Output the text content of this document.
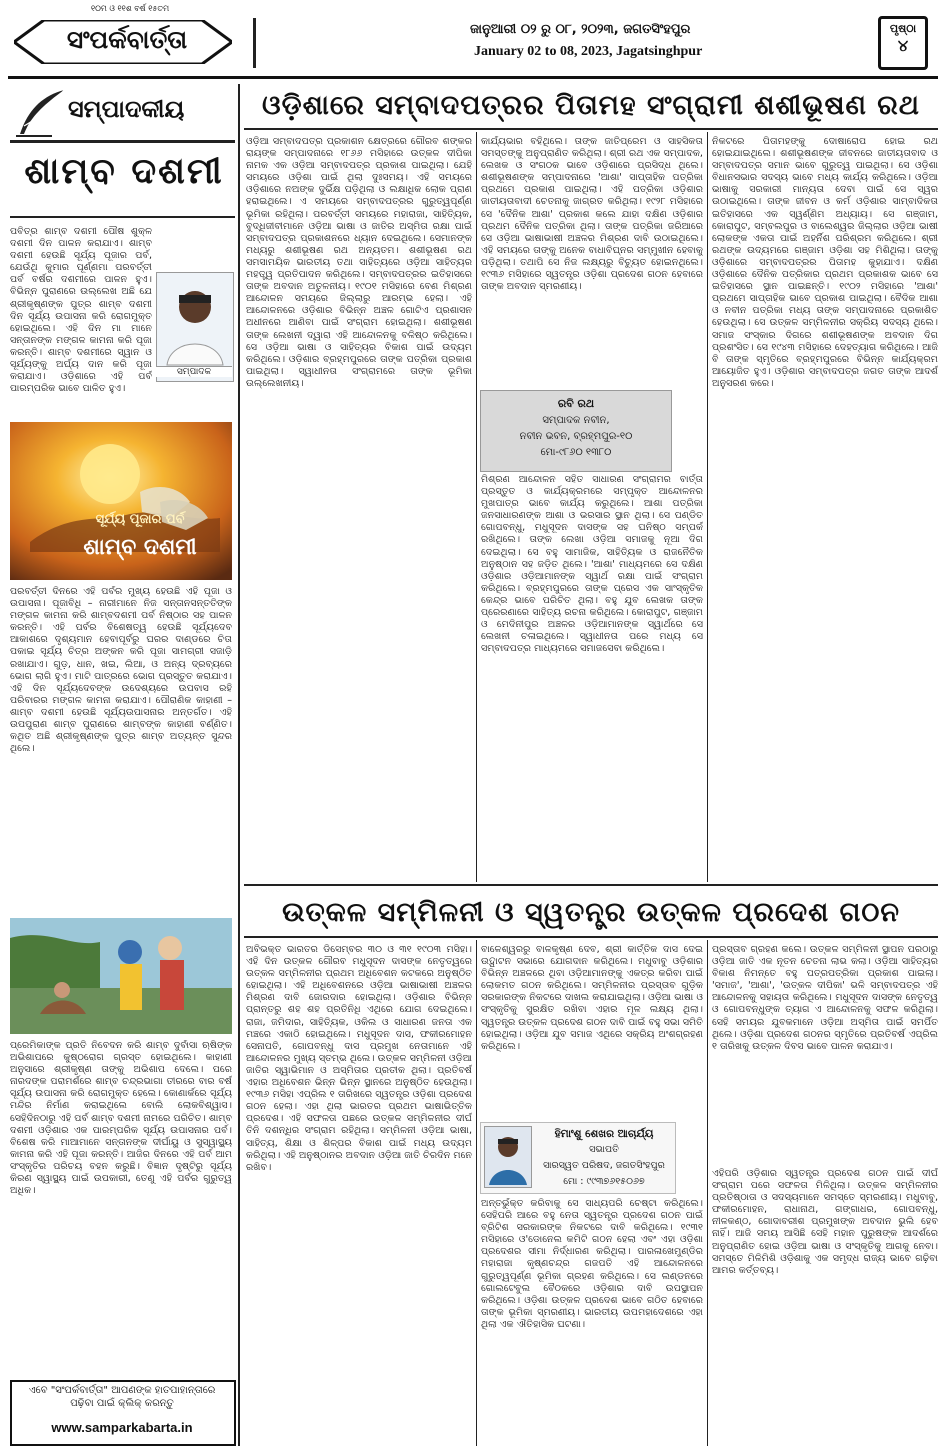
୧୦ମ ଓ ୧୧ଶ ବର୍ଷ ୧୫ତମ
ସଂପର୍କବାର୍ତ୍ତା	ଜାନୁଆରୀ ୦୨ ରୁ ୦୮, ୨୦୨୩, ଜଗତସିଂହପୁର
January 02 to 08, 2023, Jagatsinghpur
ପୃଷ୍ଠା
୪
ସମ୍ପାଦକୀୟ
ଶାମ୍ବ ଦଶମୀ
ପବିତ୍ର ଶାମ୍ବ ଦଶମୀ ପୌଷ ଶୁକ୍ଳ ଦଶମୀ ଦିନ ପାଳନ କରାଯାଏ। ଶାମ୍ବ ଦଶମୀ ହେଉଛି ସୂର୍ଯ୍ୟ ପୂଜାର ପର୍ବ, ଯେଉଁଥି କୁମାର ପୂର୍ଣ୍ଣମା ପରବର୍ତ୍ତୀ ପର୍ବ ବର୍ଷର ଦଶମୀରେ ପାଳନ ହୁଏ। ବିଭିନ୍ନ ପୁରାଣରେ ଉଲ୍ଲେଖ ଅଛି ଯେ ଶ୍ରୀକୃଷ୍ଣଙ୍କ ପୁତ୍ର ଶାମ୍ବ ଦଶମୀ ଦିନ ସୂର୍ଯ୍ୟ ଉପାସନା କରି ରୋଗମୁକ୍ତ ହୋଇଥିଲେ। ଏହି ଦିନ ମା ମାନେ ସନ୍ତାନଙ୍କ ମଙ୍ଗଳ କାମନା କରି ପୂଜା କରନ୍ତି। ଶାମ୍ବ ଦଶମୀରେ ସ୍ୱାନ ଓ ସୂର୍ଯ୍ୟଙ୍କୁ ଅର୍ଘ୍ୟ ଦାନ କରି ପୂଜା କରାଯାଏ। ଓଡ଼ିଶାରେ ଏହି ପର୍ବ ପାରମ୍ପରିକ ଭାବେ ପାଳିତ ହୁଏ।
ସମ୍ପାଦକ
ସୂର୍ଯ୍ୟ ପୂଜାର ପର୍ବ
ଶାମ୍ବ ଦଶମୀ
ପରବର୍ତ୍ତୀ ଦିନରେ ଏହି ପର୍ବର ମୁଖ୍ୟ ହେଉଛି ଏହି ପୂଜା ଓ ଉପାସନା। ପୂଜାବିଧି – ନାରୀମାନେ ନିଜ ସନ୍ତାନସନ୍ତତିଙ୍କ ମଙ୍ଗଳ କାମନା କରି ଶାମ୍ବଦଶମୀ ପର୍ବ ନିଷ୍ଠାର ସହ ପାଳନ କରନ୍ତି। ଏହି ପର୍ବର ବିଶେଷତ୍ୱ ହେଉଛି ସୂର୍ଯ୍ୟଦେବ ଆକାଶରେ ଦୃଶ୍ୟମାନ ହେବାପୂର୍ବରୁ ଘରର ଦାଣ୍ଡରେ ଚିତା ପକାଇ ସୂର୍ଯ୍ୟ ଚିତ୍ର ଅଙ୍କନ କରି ପୂଜା ସାମଗ୍ରୀ ସଜାଡ଼ି ରଖାଯାଏ। ଗୁଡ଼, ଧାନ, ଖଇ, ଲିଆ, ଓ ଅନ୍ୟ ଦ୍ରବ୍ୟରେ ଭୋଗ ଲାଗି ହୁଏ। ମାଟି ପାତ୍ରରେ ଭୋଗ ପ୍ରସ୍ତୁତ କରାଯାଏ। ଏହି ଦିନ ସୂର୍ଯ୍ୟଦେବଙ୍କ ଉଦେଶ୍ୟରେ ଉପବାସ ରହି ପରିବାରର ମଙ୍ଗଳ କାମନା କରାଯାଏ। ପୌରାଣିକ କାହାଣୀ – ଶାମ୍ବ ଦଶମୀ ହେଉଛି ସୂର୍ଯ୍ୟଉପାସନାର ଅନ୍ତର୍ଗତ। ଏହି ଉପପୁରାଣ ଶାମ୍ବ ପୁରାଣରେ ଶାମ୍ବଙ୍କ କାହାଣୀ ବର୍ଣ୍ଣିତ। କଥିତ ଅଛି ଶ୍ରୀକୃଷ୍ଣଙ୍କ ପୁତ୍ର ଶାମ୍ବ ଅତ୍ୟନ୍ତ ସୁନ୍ଦର ଥିଲେ।
ପ୍ରେମିକାଙ୍କ ପ୍ରତି ନିବେଦନ କରି ଶାମ୍ବ ଦୁର୍ବାସା ଋଷିଙ୍କ ଅଭିଶାପରେ କୁଷ୍ଠରୋଗ ଗ୍ରସ୍ତ ହୋଇଥିଲେ। କାହାଣୀ ଅନୁସାରେ ଶ୍ରୀକୃଷ୍ଣ ତାଙ୍କୁ ଅଭିଶାପ ଦେଲେ। ପରେ ନାରଦଙ୍କ ପରାମର୍ଶରେ ଶାମ୍ବ ଚନ୍ଦ୍ରଭାଗା ତୀରରେ ବାର ବର୍ଷ ସୂର୍ଯ୍ୟ ଉପାସନା କରି ରୋଗମୁକ୍ତ ହେଲେ। କୋଣାର୍କରେ ସୂର୍ଯ୍ୟ ମନ୍ଦିର ନିର୍ମାଣ କରାଇଥିଲେ ବୋଲି ଲୋକବିଶ୍ୱାସ। ସେହିଦିନଠାରୁ ଏହି ପର୍ବ ଶାମ୍ବ ଦଶମୀ ନାମରେ ପରିଚିତ। ଶାମ୍ବ ଦଶମୀ ଓଡ଼ିଶାର ଏକ ପାରମ୍ପରିକ ସୂର୍ଯ୍ୟ ଉପାସନାର ପର୍ବ। ବିଶେଷ କରି ମାଆମାନେ ସନ୍ତାନଙ୍କ ଦୀର୍ଘାୟୁ ଓ ସୁସ୍ୱାସ୍ଥ୍ୟ କାମନା କରି ଏହି ପୂଜା କରନ୍ତି। ଆଜିର ଦିନରେ ଏହି ପର୍ବ ଆମ ସଂସ୍କୃତିର ପରିଚୟ ବହନ କରୁଛି। ବିଜ୍ଞାନ ଦୃଷ୍ଟିରୁ ସୂର୍ଯ୍ୟ କିରଣ ସ୍ୱାସ୍ଥ୍ୟ ପାଇଁ ଉପକାରୀ, ତେଣୁ ଏହି ପର୍ବର ଗୁରୁତ୍ୱ ଅଧିକ।
ଏବେ "ସଂପର୍କବାର୍ତ୍ତା" ଆପଣଙ୍କ ହାତପାହାନ୍ତାରେ
ପଢ଼ିବା ପାଇଁ କ୍ଲିକ୍ କରନ୍ତୁ
www.samparkabarta.in
ଓଡ଼ିଶାରେ ସମ୍ବାଦପତ୍ରର ପିତାମହ ସଂଗ୍ରାମୀ ଶଶୀଭୂଷଣ ରଥ
ଓଡ଼ିଆ ସମ୍ବାଦପତ୍ର ପ୍ରକାଶନ କ୍ଷେତ୍ରରେ ଗୌରବ ଶଙ୍କର ରାୟଙ୍କ ସମ୍ପାଦନାରେ ୧୮୬୬ ମସିହାରେ ଉତ୍କଳ ଦୀପିକା ନାମକ ଏକ ଓଡ଼ିଆ ସମ୍ବାଦପତ୍ର ପ୍ରକାଶ ପାଇଥିଲା। ଯେହି ସମୟରେ ଓଡ଼ିଶା ପାଇଁ ଥିଲା ଦୁଃସମୟ। ଏହି ସମୟରେ ଓଡ଼ିଶାରେ ନଅଙ୍କ ଦୁର୍ଭିକ୍ଷ ପଡ଼ିଥିଲା ଓ ଲକ୍ଷାଧିକ ଲୋକ ପ୍ରାଣ ହରାଇଥିଲେ। ଏ ସମୟରେ ସମ୍ବାଦପତ୍ରର ଗୁରୁତ୍ୱପୂର୍ଣ୍ଣ ଭୂମିକା ରହିଥିଲା। ପରବର୍ତ୍ତୀ ସମୟରେ ମହାରାଜା, ସାହିତ୍ୟିକ, ବୁଦ୍ଧିଜୀବୀମାନେ ଓଡ଼ିଆ ଭାଷା ଓ ଜାତିର ଅସ୍ମିତା ରକ୍ଷା ପାଇଁ ସମ୍ବାଦପତ୍ର ପ୍ରକାଶନରେ ଧ୍ୟାନ ଦେଇଥିଲେ। ସେମାନଙ୍କ ମଧ୍ୟରୁ ଶଶୀଭୂଷଣ ରଥ ଅନ୍ୟତମ। ଶଶୀଭୂଷଣ ରଥ ସମସାମୟିକ ଭାରତୀୟ ତଥା ସାହିତ୍ୟରେ ଓଡ଼ିଆ ସାହିତ୍ୟର ମହତ୍ତ୍ୱ ପ୍ରତିପାଦନ କରିଥିଲେ। ସମ୍ବାଦପତ୍ରର ଇତିହାସରେ ତାଙ୍କ ଅବଦାନ ଅତୁଳନୀୟ। ୧୯୦୧ ମସିହାରେ ବେଣ ମିଶ୍ରଣ ଆନ୍ଦୋଳନ ସମୟରେ ଜିଲ୍ଲାରୁ ଆରମ୍ଭ ହେଲା। ଏହି ଆନ୍ଦୋଳନରେ ଓଡ଼ିଶାର ବିଭିନ୍ନ ଅଞ୍ଚଳ ଗୋଟିଏ ପ୍ରଶାସନ ଅଧୀନରେ ଆଣିବା ପାଇଁ ସଂଗ୍ରାମ ହୋଇଥିଲା। ଶଶୀଭୂଷଣ ତାଙ୍କ ଲେଖନୀ ଦ୍ୱାରା ଏହି ଆନ୍ଦୋଳନକୁ ବଳିଷ୍ଠ କରିଥିଲେ। ସେ ଓଡ଼ିଆ ଭାଷା ଓ ସାହିତ୍ୟର ବିକାଶ ପାଇଁ ଉଦ୍ୟମ କରିଥିଲେ। ଓଡ଼ିଶାର ବ୍ରହ୍ମପୁରରେ ତାଙ୍କ ପତ୍ରିକା ପ୍ରକାଶ ପାଇଥିଲା। ସ୍ୱାଧୀନତା ସଂଗ୍ରାମରେ ତାଙ୍କ ଭୂମିକା ଉଲ୍ଲେଖନୀୟ।
କାର୍ଯ୍ୟଭାର ବହିଥିଲେ। ତାଙ୍କ ଜାତିପ୍ରେମ ଓ ସାହସିକତା ସମସ୍ତଙ୍କୁ ଅନୁପ୍ରାଣିତ କରିଥିଲା। ଶ୍ରୀ ରଥ ଏକ ସମ୍ପାଦକ, ଲେଖକ ଓ ସଂଗଠକ ଭାବେ ଓଡ଼ିଶାରେ ପ୍ରସିଦ୍ଧ ଥିଲେ। ଶଶୀଭୂଷଣଙ୍କ ସମ୍ପାଦନାରେ 'ଆଶା' ସାପ୍ତାହିକ ପତ୍ରିକା ପ୍ରଥମେ ପ୍ରକାଶ ପାଇଥିଲା। ଏହି ପତ୍ରିକା ଓଡ଼ିଶାର ଜାତୀୟତାବାଦୀ ଚେତନାକୁ ଜାଗ୍ରତ କରିଥିଲା। ୧୯୨୮ ମସିହାରେ ସେ 'ଦୈନିକ ଆଶା' ପ୍ରକାଶ କଲେ ଯାହା ଦକ୍ଷିଣ ଓଡ଼ିଶାର ପ୍ରଥମ ଦୈନିକ ପତ୍ରିକା ଥିଲା। ତାଙ୍କ ପତ୍ରିକା ଜରିଆରେ ସେ ଓଡ଼ିଆ ଭାଷାଭାଷୀ ଅଞ୍ଚଳର ମିଶ୍ରଣ ଦାବି ଉଠାଇଥିଲେ। ଏହି ସମୟରେ ତାଙ୍କୁ ଅନେକ ବାଧାବିଘ୍ନର ସମ୍ମୁଖୀନ ହେବାକୁ ପଡ଼ିଥିଲା। ତଥାପି ସେ ନିଜ ଲକ୍ଷ୍ୟରୁ ବିଚ୍ୟୁତ ହୋଇନଥିଲେ। ୧୯୩୬ ମସିହାରେ ସ୍ୱତନ୍ତ୍ର ଓଡ଼ିଶା ପ୍ରଦେଶ ଗଠନ ହେବାରେ ତାଙ୍କ ଅବଦାନ ସ୍ମରଣୀୟ।
ରବି ରଥ
ସମ୍ପାଦକ ନବୀନ,
ନବୀନ ଭବନ, ବ୍ରହ୍ମପୁର-୧୦
ମୋ-୯୮୬୦ ୧୩୮୦
ମିଶ୍ରଣ ଆନ୍ଦୋଳନ ସହିତ ସାଧାରଣ ସଂଗ୍ରାମର ବାର୍ତ୍ତା ପ୍ରସ୍ତୁତ ଓ କାର୍ଯ୍ୟକ୍ରମରେ ସମ୍ପୃକ୍ତ ଆନ୍ଦୋଳନର ମୁଖପାତ୍ର ଭାବେ କାର୍ଯ୍ୟ କରୁଥିଲେ। ଆଶା ପତ୍ରିକା ଜନସାଧାରଣଙ୍କ ଆଶା ଓ ଭରସାର ସ୍ଥାନ ଥିଲା। ସେ ପଣ୍ଡିତ ଗୋପବନ୍ଧୁ, ମଧୁସୂଦନ ଦାସଙ୍କ ସହ ଘନିଷ୍ଠ ସମ୍ପର୍କ ରଖିଥିଲେ। ତାଙ୍କ ଲେଖା ଓଡ଼ିଆ ସମାଜକୁ ନୂଆ ଦିଗ ଦେଇଥିଲା। ସେ ବହୁ ସାମାଜିକ, ସାହିତ୍ୟିକ ଓ ରାଜନୈତିକ ଅନୁଷ୍ଠାନ ସହ ଜଡ଼ିତ ଥିଲେ। 'ଆଶା' ମାଧ୍ୟମରେ ସେ ଦକ୍ଷିଣ ଓଡ଼ିଶାର ଓଡ଼ିଆମାନଙ୍କ ସ୍ୱାର୍ଥ ରକ୍ଷା ପାଇଁ ସଂଗ୍ରାମ କରିଥିଲେ। ବ୍ରହ୍ମପୁରରେ ତାଙ୍କ ପ୍ରେସ ଏକ ସାଂସ୍କୃତିକ କେନ୍ଦ୍ର ଭାବେ ପରିଚିତ ଥିଲା। ବହୁ ଯୁବ ଲେଖକ ତାଙ୍କ ପ୍ରେରଣାରେ ସାହିତ୍ୟ ରଚନା କରିଥିଲେ। କୋରାପୁଟ, ଗଞ୍ଜାମ ଓ ମେଦିନୀପୁର ଅଞ୍ଚଳର ଓଡ଼ିଆମାନଙ୍କ ସ୍ୱାର୍ଥରେ ସେ ଲେଖନୀ ଚଳାଇଥିଲେ। ସ୍ୱାଧୀନତା ପରେ ମଧ୍ୟ ସେ ସମ୍ବାଦପତ୍ର ମାଧ୍ୟମରେ ସମାଜସେବା କରିଥିଲେ।
ନିକଟରେ ପିତାମହଙ୍କୁ ଦୋଷାରୋପ ହୋଇ ରଥ ହୋଇଯାଇଥିଲେ। ଶଶୀଭୂଷଣଙ୍କ ଜୀବନରେ ଜାତୀୟତାବାଦ ଓ ସମ୍ବାଦପତ୍ର ସମାନ ଭାବେ ଗୁରୁତ୍ୱ ପାଇଥିଲା। ସେ ଓଡ଼ିଶା ବିଧାନସଭାର ସଦସ୍ୟ ଭାବେ ମଧ୍ୟ କାର୍ଯ୍ୟ କରିଥିଲେ। ଓଡ଼ିଆ ଭାଷାକୁ ସରକାରୀ ମାନ୍ୟତା ଦେବା ପାଇଁ ସେ ସ୍ୱର ଉଠାଇଥିଲେ। ତାଙ୍କ ଜୀବନ ଓ କର୍ମ ଓଡ଼ିଶାର ସାମ୍ବାଦିକତା ଇତିହାସରେ ଏକ ସ୍ୱର୍ଣ୍ଣିମ ଅଧ୍ୟାୟ। ସେ ଗଞ୍ଜାମ, କୋରାପୁଟ, ସମ୍ବଲପୁର ଓ ବାଲେଶ୍ୱର ଜିଲ୍ଲାର ଓଡ଼ିଆ ଭାଷୀ ଲୋକଙ୍କ ଏକତା ପାଇଁ ଅହର୍ନିଶ ପରିଶ୍ରମ କରିଥିଲେ। ଶ୍ରୀ ରଥଙ୍କ ଉଦ୍ୟମରେ ଗଞ୍ଜାମ ଓଡ଼ିଶା ସହ ମିଶିଥିଲା। ତାଙ୍କୁ ଓଡ଼ିଶାରେ ସମ୍ବାଦପତ୍ରର ପିତାମହ କୁହାଯାଏ। ଦକ୍ଷିଣ ଓଡ଼ିଶାରେ ଦୈନିକ ପତ୍ରିକାର ପ୍ରଥମ ପ୍ରକାଶକ ଭାବେ ସେ ଇତିହାସରେ ସ୍ଥାନ ପାଇଛନ୍ତି। ୧୯୦୨ ମସିହାରେ 'ଆଶା' ପ୍ରଥମେ ସାପ୍ତାହିକ ଭାବେ ପ୍ରକାଶ ପାଇଥିଲା। ବୈଦିକ ଆଶା ଓ ନବୀନ ପତ୍ରିକା ମଧ୍ୟ ତାଙ୍କ ସମ୍ପାଦନାରେ ପ୍ରକାଶିତ ହେଉଥିଲା। ସେ ଉତ୍କଳ ସମ୍ମିଳନୀର ସକ୍ରିୟ ସଦସ୍ୟ ଥିଲେ। ସମାଜ ସଂସ୍କାର ଦିଗରେ ଶଶୀଭୂଷଣଙ୍କ ଅବଦାନ ଦିଗ ପ୍ରଶଂସିତ। ସେ ୧୯୪୩ ମସିହାରେ ଦେହତ୍ୟାଗ କରିଥିଲେ। ଆଜି ବି ତାଙ୍କ ସ୍ମୃତିରେ ବ୍ରହ୍ମପୁରରେ ବିଭିନ୍ନ କାର୍ଯ୍ୟକ୍ରମ ଆୟୋଜିତ ହୁଏ। ଓଡ଼ିଶାର ସମ୍ବାଦପତ୍ର ଜଗତ ତାଙ୍କ ଆଦର୍ଶ ଅନୁସରଣ କରେ।
ଉତ୍କଳ ସମ୍ମିଳନୀ ଓ ସ୍ୱତନ୍ତ୍ର ଉତ୍କଳ ପ୍ରଦେଶ ଗଠନ
ଅବିଭକ୍ତ ଭାରତର ଡିସେମ୍ବର ୩୦ ଓ ୩୧ ୧୯୦୩ ମସିହା। ଏହି ଦିନ ଉତ୍କଳ ଗୌରବ ମଧୁସୂଦନ ଦାସଙ୍କ ନେତୃତ୍ୱରେ ଉତ୍କଳ ସମ୍ମିଳନୀର ପ୍ରଥମ ଅଧିବେଶନ କଟକରେ ଅନୁଷ୍ଠିତ ହୋଇଥିଲା। ଏହି ଅଧିବେଶନରେ ଓଡ଼ିଆ ଭାଷାଭାଷୀ ଅଞ୍ଚଳର ମିଶ୍ରଣ ଦାବି ଜୋରଦାର ହୋଇଥିଲା। ଓଡ଼ିଶାର ବିଭିନ୍ନ ପ୍ରାନ୍ତରୁ ଶହ ଶହ ପ୍ରତିନିଧି ଏଥିରେ ଯୋଗ ଦେଇଥିଲେ। ରାଜା, ଜମିଦାର, ସାହିତ୍ୟିକ, ଓକିଲ ଓ ସାଧାରଣ ଜନତା ଏକ ମଞ୍ଚରେ ଏକାଠି ହୋଇଥିଲେ। ମଧୁସୂଦନ ଦାସ, ଫକୀରମୋହନ ସେନାପତି, ଗୋପବନ୍ଧୁ ଦାସ ପ୍ରମୁଖ ନେତାମାନେ ଏହି ଆନ୍ଦୋଳନର ମୁଖ୍ୟ ସ୍ତମ୍ଭ ଥିଲେ। ଉତ୍କଳ ସମ୍ମିଳନୀ ଓଡ଼ିଆ ଜାତିର ସ୍ୱାଭିମାନ ଓ ଅସ୍ମିତାର ପ୍ରତୀକ ଥିଲା। ପ୍ରତିବର୍ଷ ଏହାର ଅଧିବେଶନ ଭିନ୍ନ ଭିନ୍ନ ସ୍ଥାନରେ ଅନୁଷ୍ଠିତ ହେଉଥିଲା। ୧୯୩୬ ମସିହା ଏପ୍ରିଲ ୧ ତାରିଖରେ ସ୍ୱତନ୍ତ୍ର ଓଡ଼ିଶା ପ୍ରଦେଶ ଗଠନ ହେଲା। ଏହା ଥିଲା ଭାରତର ପ୍ରଥମ ଭାଷାଭିତ୍ତିକ ପ୍ରଦେଶ। ଏହି ସଫଳତା ପଛରେ ଉତ୍କଳ ସମ୍ମିଳନୀର ଦୀର୍ଘ ତିନି ଦଶନ୍ଧିର ସଂଗ୍ରାମ ରହିଥିଲା। ସମ୍ମିଳନୀ ଓଡ଼ିଆ ଭାଷା, ସାହିତ୍ୟ, ଶିକ୍ଷା ଓ ଶିଳ୍ପର ବିକାଶ ପାଇଁ ମଧ୍ୟ ଉଦ୍ୟମ କରିଥିଲା। ଏହି ଅନୁଷ୍ଠାନର ଅବଦାନ ଓଡ଼ିଆ ଜାତି ଚିରଦିନ ମନେ ରଖିବ।
ବାଳେଶ୍ୱରରୁ ବାଳକୃଷ୍ଣ ଦେବ, ଶ୍ରୀ କାର୍ତ୍ତିକ ଦାସ ଦେଇ ଉଦ୍ଘାଟନ ସଭାରେ ଯୋଗଦାନ କରିଥିଲେ। ମଧୁବାବୁ ଓଡ଼ିଶାର ବିଭିନ୍ନ ଅଞ୍ଚଳରେ ଥିବା ଓଡ଼ିଆମାନଙ୍କୁ ଏକତ୍ର କରିବା ପାଇଁ ଲୋକମତ ଗଠନ କରିଥିଲେ। ସମ୍ମିଳନୀର ପ୍ରସ୍ତାବ ଗୁଡ଼ିକ ସରକାରଙ୍କ ନିକଟରେ ଦାଖଲ କରାଯାଇଥିଲା। ଓଡ଼ିଆ ଭାଷା ଓ ସଂସ୍କୃତିକୁ ସୁରକ୍ଷିତ ରଖିବା ଏହାର ମୂଳ ଲକ୍ଷ୍ୟ ଥିଲା। ସ୍ୱତନ୍ତ୍ର ଉତ୍କଳ ପ୍ରଦେଶ ଗଠନ ଦାବି ପାଇଁ ବହୁ ସଭା ସମିତି ହୋଇଥିଲା। ଓଡ଼ିଆ ଯୁବ ସମାଜ ଏଥିରେ ସକ୍ରିୟ ଅଂଶଗ୍ରହଣ କରିଥିଲେ।
ହିମାଂଶୁ ଶେଖର ଆଚାର୍ଯ୍ୟ
ସଭାପତି
ସାରସ୍ୱତ ପରିଷଦ, ଜଗତସିଂହପୁର
ମୋ : ୯୯୩୭୬୧୫୦୬୭
ଅନ୍ତର୍ଭୁକ୍ତ କରିବାକୁ ସେ ସାଧ୍ୟପରି ଚେଷ୍ଟା କରିଥିଲେ। ସେହିପରି ଆରେ ବହୁ ନେତା ସ୍ୱତନ୍ତ୍ର ପ୍ରଦେଶ ଗଠନ ପାଇଁ ବ୍ରିଟିଶ ସରକାରଙ୍କ ନିକଟରେ ଦାବି କରିଥିଲେ। ୧୯୩୧ ମସିହାରେ ଓ'ଡୋନେଲ କମିଟି ଗଠନ ହେଲା ଏବଂ ଏହା ଓଡ଼ିଶା ପ୍ରଦେଶର ସୀମା ନିର୍ଦ୍ଧାରଣ କରିଥିଲା। ପାରଳାଖେମୁଣ୍ଡିର ମହାରାଜା କୃଷ୍ଣଚନ୍ଦ୍ର ଗଜପତି ଏହି ଆନ୍ଦୋଳନରେ ଗୁରୁତ୍ୱପୂର୍ଣ୍ଣ ଭୂମିକା ଗ୍ରହଣ କରିଥିଲେ। ସେ ଲଣ୍ଡନରେ ଗୋଲଟେବୁଲ ବୈଠକରେ ଓଡ଼ିଶାର ଦାବି ଉପସ୍ଥାପନ କରିଥିଲେ। ଓଡ଼ିଶା ଉତ୍କଳ ପ୍ରଦେଶ ଭାବେ ଗଠିତ ହେବାରେ ତାଙ୍କ ଭୂମିକା ସ୍ମରଣୀୟ। ଭାରତୀୟ ଉପମହାଦେଶରେ ଏହା ଥିଲା ଏକ ଐତିହାସିକ ଘଟଣା।
ପ୍ରସ୍ତାବ ଗ୍ରହଣ କଲେ। ଉତ୍କଳ ସମ୍ମିଳନୀ ସ୍ଥାପନ ପରଠାରୁ ଓଡ଼ିଆ ଜାତି ଏକ ନୂତନ ଚେତନା ଲାଭ କଲା। ଓଡ଼ିଆ ସାହିତ୍ୟର ବିକାଶ ନିମନ୍ତେ ବହୁ ପତ୍ରପତ୍ରିକା ପ୍ରକାଶ ପାଇଲା। 'ସମାଜ', 'ଆଶା', 'ଉତ୍କଳ ଦୀପିକା' ଭଳି ସମ୍ବାଦପତ୍ର ଏହି ଆନ୍ଦୋଳନକୁ ସହାୟତା କରିଥିଲେ। ମଧୁସୂଦନ ଦାସଙ୍କ ନେତୃତ୍ୱ ଓ ଗୋପବନ୍ଧୁଙ୍କ ତ୍ୟାଗ ଏ ଆନ୍ଦୋଳନକୁ ସଫଳ କରିଥିଲା। ସେହି ସମୟର ଯୁବକମାନେ ଓଡ଼ିଆ ଅସ୍ମିତା ପାଇଁ ସମର୍ପିତ ଥିଲେ। ଓଡ଼ିଶା ପ୍ରଦେଶ ଗଠନର ସ୍ମୃତିରେ ପ୍ରତିବର୍ଷ ଏପ୍ରିଲ ୧ ତାରିଖକୁ ଉତ୍କଳ ଦିବସ ଭାବେ ପାଳନ କରାଯାଏ।
ଏହିପରି ଓଡ଼ିଶାର ସ୍ୱତନ୍ତ୍ର ପ୍ରଦେଶ ଗଠନ ପାଇଁ ଦୀର୍ଘ ସଂଗ୍ରାମ ପରେ ସଫଳତା ମିଳିଥିଲା। ଉତ୍କଳ ସମ୍ମିଳନୀର ପ୍ରତିଷ୍ଠାତା ଓ ସଦସ୍ୟମାନେ ସମସ୍ତେ ସ୍ମରଣୀୟ। ମଧୁବାବୁ, ଫକୀରମୋହନ, ରାଧାନାଥ, ଗଙ୍ଗାଧର, ଗୋପବନ୍ଧୁ, ନୀଳକଣ୍ଠ, ଗୋଦାବରୀଶ ପ୍ରମୁଖଙ୍କ ଅବଦାନ ଭୁଲି ହେବ ନାହିଁ। ଆଜି ସମୟ ଆସିଛି ସେହି ମହାନ ପୁରୁଷଙ୍କ ଆଦର୍ଶରେ ଅନୁପ୍ରାଣିତ ହୋଇ ଓଡ଼ିଆ ଭାଷା ଓ ସଂସ୍କୃତିକୁ ଆଗକୁ ନେବା। ସମସ୍ତେ ମିଳିମିଶି ଓଡ଼ିଶାକୁ ଏକ ସମୃଦ୍ଧ ରାଜ୍ୟ ଭାବେ ଗଢ଼ିବା ଆମର କର୍ତ୍ତବ୍ୟ।
